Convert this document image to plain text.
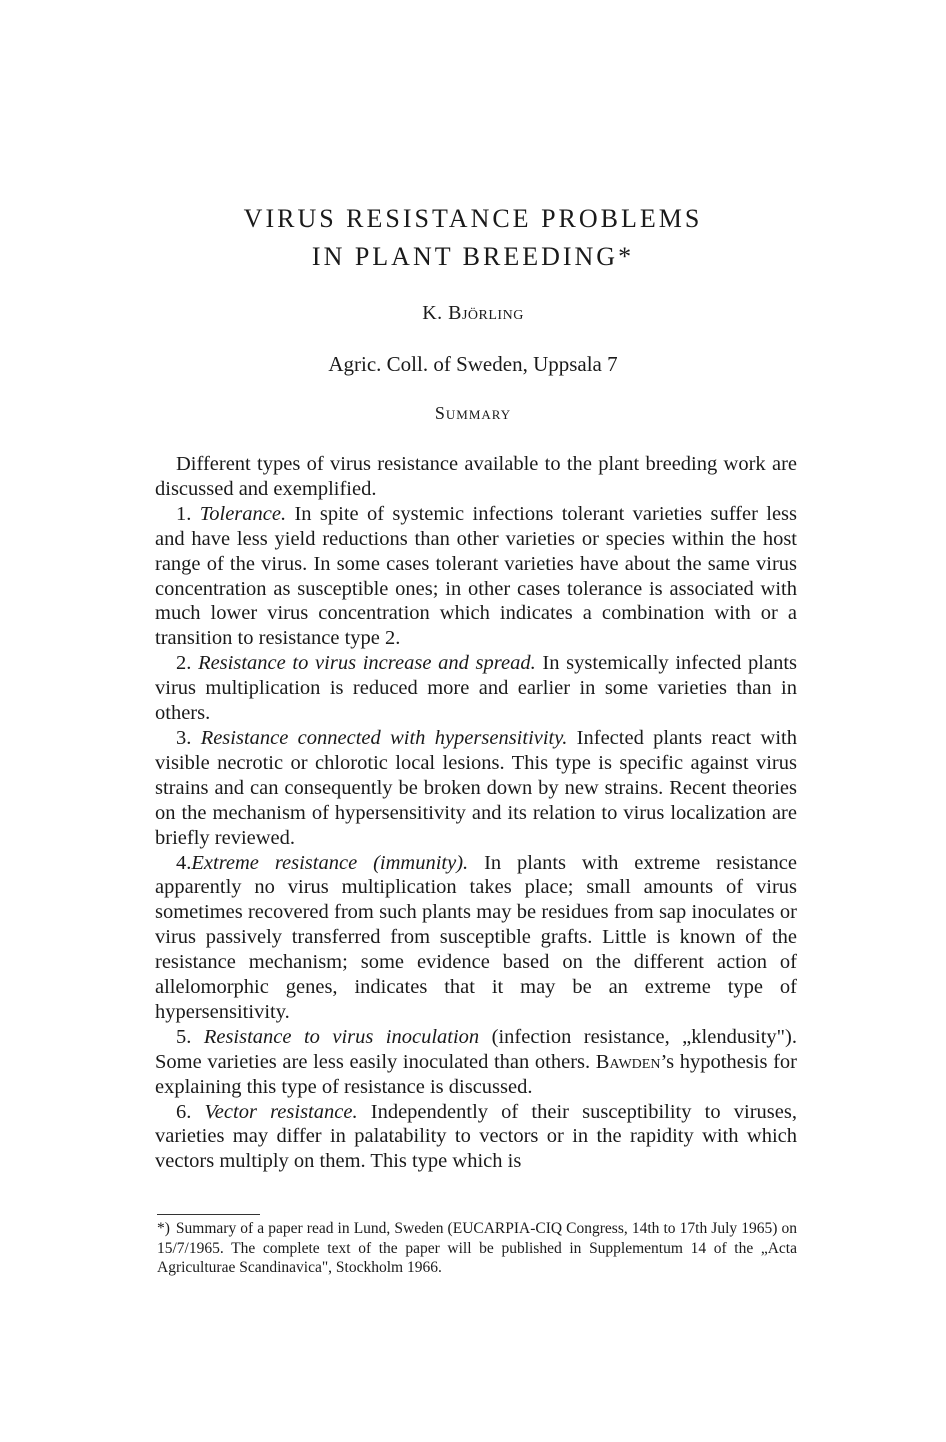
VIRUS RESISTANCE PROBLEMS
IN PLANT BREEDING*
K. Björling
Agric. Coll. of Sweden, Uppsala 7
Summary

Different types of virus resistance available to the plant breeding work are discussed and exemplified.

1. Tolerance. In spite of systemic infections tolerant varieties suffer less and have less yield reductions than other varieties or species within the host range of the virus. In some cases tolerant varieties have about the same virus concentration as susceptible ones; in other cases tolerance is associated with much lower virus concentration which indicates a combination with or a transition to resistance type 2.

2. Resistance to virus increase and spread. In systemically infected plants virus multiplication is reduced more and earlier in some varieties than in others.

3. Resistance connected with hypersensitivity. Infected plants react with visible necrotic or chlorotic local lesions. This type is specific against virus strains and can consequently be broken down by new strains. Recent theories on the mechanism of hypersensitivity and its relation to virus localization are briefly reviewed.

4.Extreme resistance (immunity). In plants with extreme resistance apparently no virus multiplication takes place; small amounts of virus sometimes recovered from such plants may be residues from sap inoculates or virus passively transferred from susceptible grafts. Little is known of the resistance mechanism; some evidence based on the different action of allelomorphic genes, indicates that it may be an extreme type of hypersensitivity.

5. Resistance to virus inoculation (infection resistance, „klendusity"). Some varieties are less easily inoculated than others. Bawden’s hypothesis for explaining this type of resistance is discussed.

6. Vector resistance. Independently of their susceptibility to viruses, varieties may differ in palatability to vectors or in the rapidity with which vectors multiply on them. This type which is

*) Summary of a paper read in Lund, Sweden (EUCARPIA-CIQ Congress, 14th to 17th July 1965) on 15/7/1965. The complete text of the paper will be published in Supplementum 14 of the „Acta Agriculturae Scandinavica", Stockholm 1966.
